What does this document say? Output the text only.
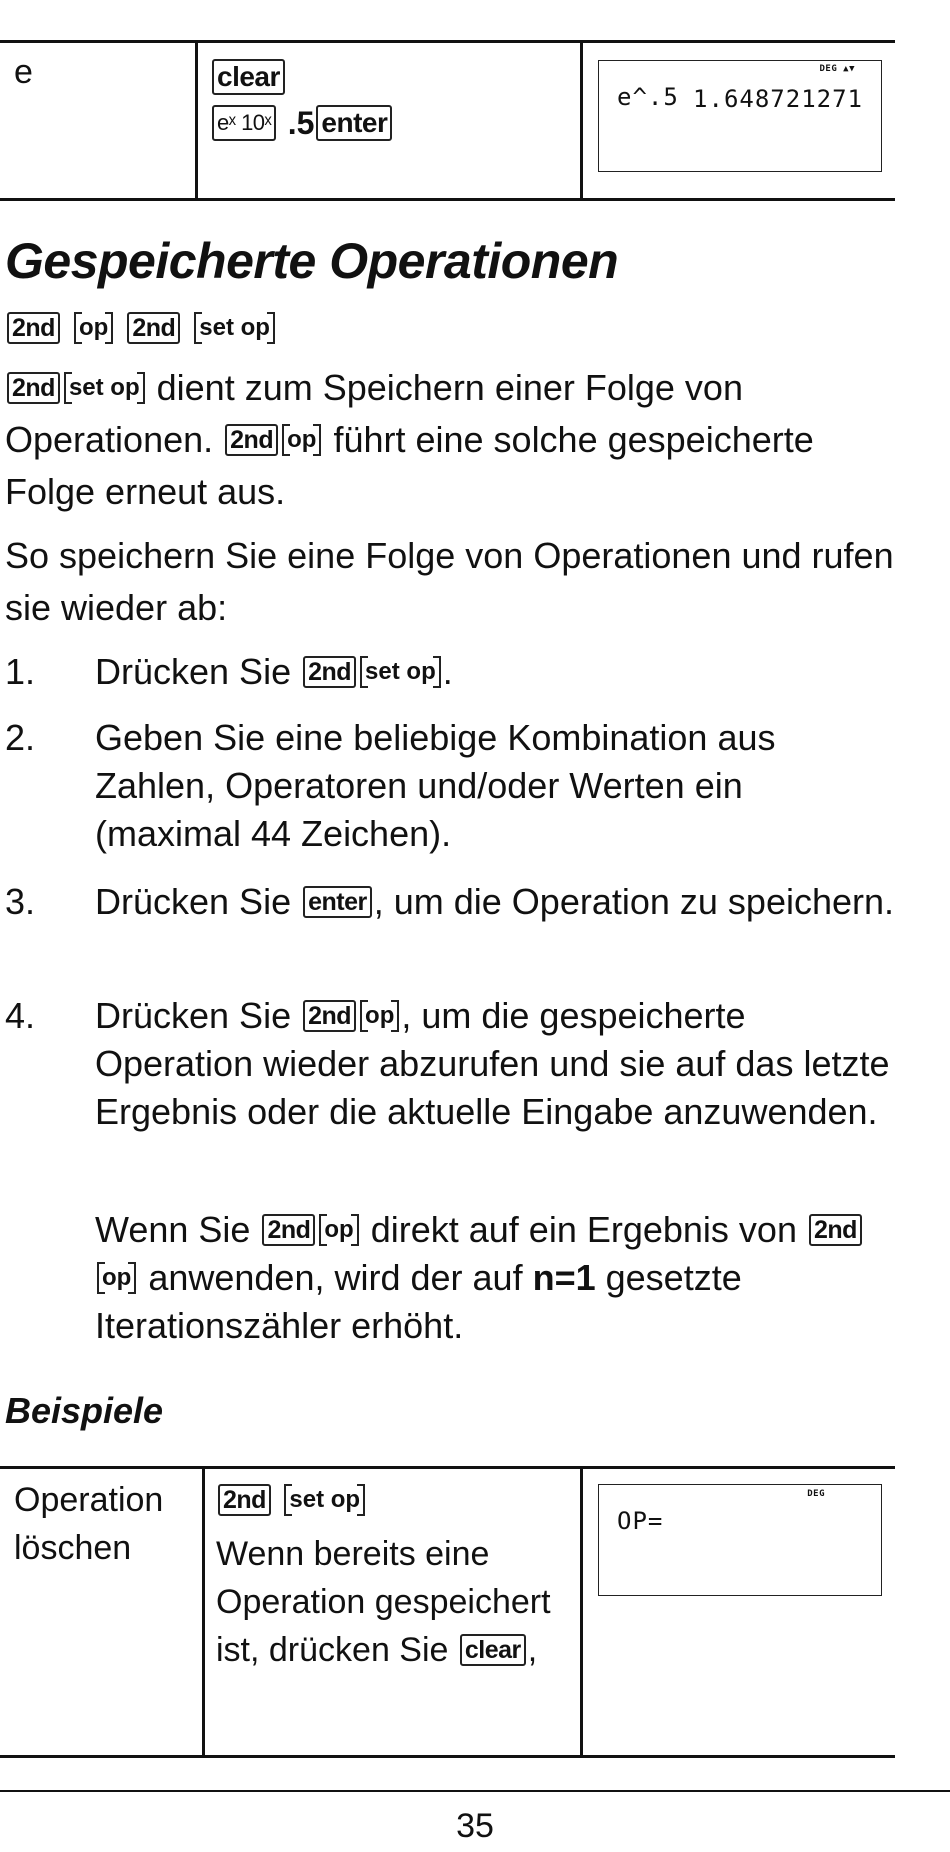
e	clear
eˣ 10ˣ .5 enter
DEG ▲▼
e^.5 1.648721271
Gespeicherte Operationen
2nd op 2nd set op

2nd set op dient zum Speichern einer Folge von Operationen. 2nd op führt eine solche gespeicherte Folge erneut aus.

So speichern Sie eine Folge von Operationen und rufen sie wieder ab:

1. Drücken Sie 2nd set op .
2. Geben Sie eine beliebige Kombination aus Zahlen, Operatoren und/oder Werten ein (maximal 44 Zeichen).
3. Drücken Sie enter , um die Operation zu speichern.
4. Drücken Sie 2nd op , um die gespeicherte Operation wieder abzurufen und sie auf das letzte Ergebnis oder die aktuelle Eingabe anzuwenden.
Wenn Sie 2nd op direkt auf ein Ergebnis von 2ndop anwenden, wird der auf n=1 gesetzte Iterationszähler erhöht.
Beispiele
Operation löschen
2nd set op
Wenn bereits eine Operation gespeichert ist, drücken Sie clear ,
DEG
OP=
35
